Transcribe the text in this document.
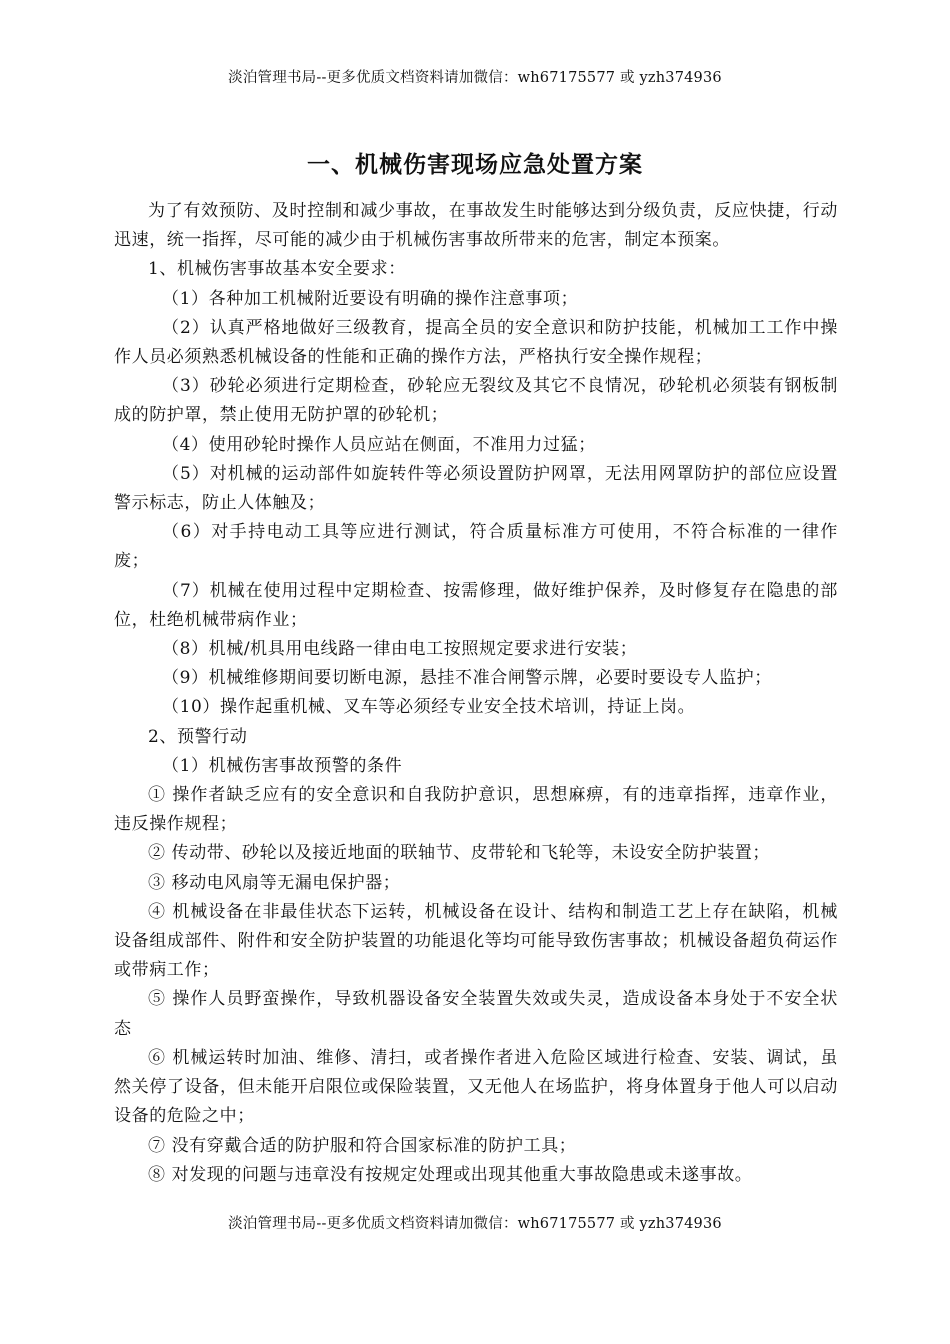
淡泊管理书局--更多优质文档资料请加微信：wh67175577 或 yzh374936
一、机械伤害现场应急处置方案

为了有效预防、及时控制和减少事故，在事故发生时能够达到分级负责，反应快捷，行动迅速，统一指挥，尽可能的减少由于机械伤害事故所带来的危害，制定本预案。

1、机械伤害事故基本安全要求：

（1）各种加工机械附近要设有明确的操作注意事项；

（2）认真严格地做好三级教育，提高全员的安全意识和防护技能，机械加工工作中操作人员必须熟悉机械设备的性能和正确的操作方法，严格执行安全操作规程；

（3）砂轮必须进行定期检查，砂轮应无裂纹及其它不良情况，砂轮机必须装有钢板制成的防护罩，禁止使用无防护罩的砂轮机；

（4）使用砂轮时操作人员应站在侧面，不准用力过猛；

（5）对机械的运动部件如旋转件等必须设置防护网罩，无法用网罩防护的部位应设置警示标志，防止人体触及；

（6）对手持电动工具等应进行测试，符合质量标准方可使用，不符合标准的一律作废；

（7）机械在使用过程中定期检查、按需修理，做好维护保养，及时修复存在隐患的部位，杜绝机械带病作业；

（8）机械/机具用电线路一律由电工按照规定要求进行安装；

（9）机械维修期间要切断电源，悬挂不准合闸警示牌，必要时要设专人监护；

（10）操作起重机械、叉车等必须经专业安全技术培训，持证上岗。

2、预警行动

（1）机械伤害事故预警的条件

① 操作者缺乏应有的安全意识和自我防护意识，思想麻痹，有的违章指挥，违章作业，违反操作规程；

② 传动带、砂轮以及接近地面的联轴节、皮带轮和飞轮等，未设安全防护装置；

③ 移动电风扇等无漏电保护器；

④ 机械设备在非最佳状态下运转，机械设备在设计、结构和制造工艺上存在缺陷，机械设备组成部件、附件和安全防护装置的功能退化等均可能导致伤害事故；机械设备超负荷运作或带病工作；

⑤ 操作人员野蛮操作，导致机器设备安全装置失效或失灵，造成设备本身处于不安全状态

⑥ 机械运转时加油、维修、清扫，或者操作者进入危险区域进行检查、安装、调试，虽然关停了设备，但未能开启限位或保险装置，又无他人在场监护，将身体置身于他人可以启动设备的危险之中；

⑦ 没有穿戴合适的防护服和符合国家标准的防护工具；

⑧ 对发现的问题与违章没有按规定处理或出现其他重大事故隐患或未遂事故。

淡泊管理书局--更多优质文档资料请加微信：wh67175577 或 yzh374936
